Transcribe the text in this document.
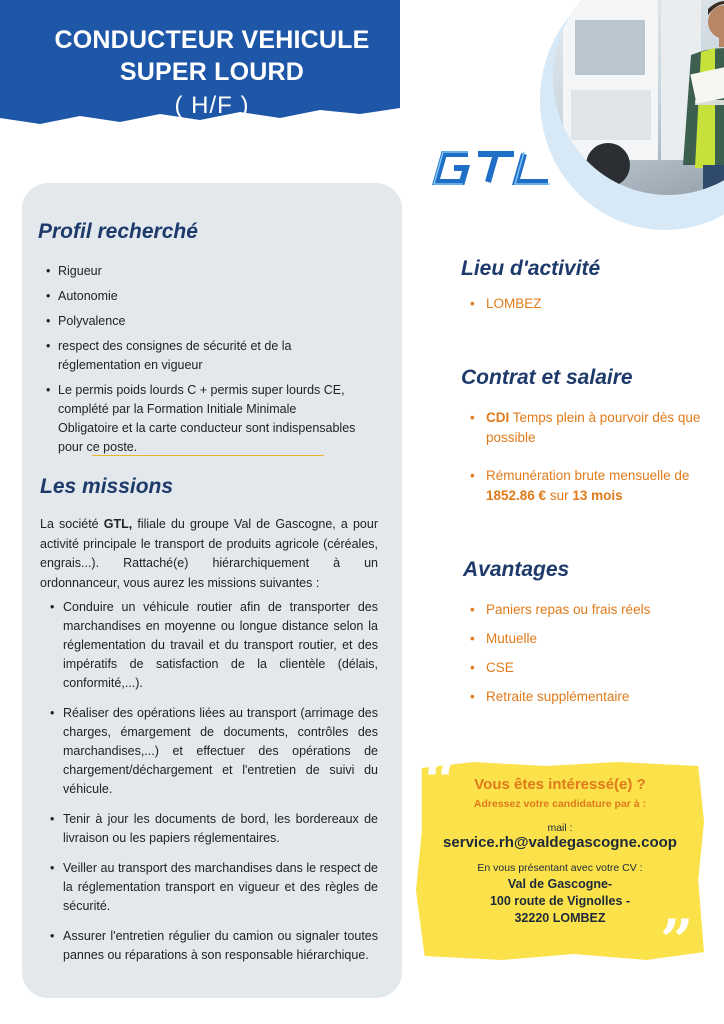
CONDUCTEUR VEHICULE
SUPER LOURD
( H/F )
Profil recherché
• Rigueur
• Autonomie
• Polyvalence
• respect des consignes de sécurité et de la réglementation en vigueur
• Le permis poids lourds C + permis super lourds CE, complété par la Formation Initiale Minimale Obligatoire et la carte conducteur sont indispensables pour ce poste.
Les missions

La société GTL, filiale du groupe Val de Gascogne, a pour activité principale le transport de produits agricole (céréales, engrais...). Rattaché(e) hiérarchiquement à un ordonnanceur, vous aurez les missions suivantes :

• Conduire un véhicule routier afin de transporter des marchandises en moyenne ou longue distance selon la réglementation du travail et du transport routier, et des impératifs de satisfaction de la clientèle (délais, conformité,...).
• Réaliser des opérations liées au transport (arrimage des charges, émargement de documents, contrôles des marchandises,...) et effectuer des opérations de chargement/déchargement et l'entretien de suivi du véhicule.
• Tenir à jour les documents de bord, les bordereaux de livraison ou les papiers réglementaires.
• Veiller au transport des marchandises dans le respect de la réglementation transport en vigueur et des règles de sécurité.
• Assurer l'entretien régulier du camion ou signaler toutes pannes ou réparations à son responsable hiérarchique.
Lieu d'activité
• LOMBEZ
Contrat et salaire
• CDI Temps plein à pourvoir dès que possible
• Rémunération brute mensuelle de 1852.86 € sur 13 mois
Avantages
• Paniers repas ou frais réels
• Mutuelle
• CSE
• Retraite supplémentaire
“
”
Vous êtes intéressé(e) ?
Adressez votre candidature par à :
mail :
service.rh@valdegascogne.coop
En vous présentant avec votre CV :
Val de Gascogne-
100 route de Vignolles -
32220 LOMBEZ
